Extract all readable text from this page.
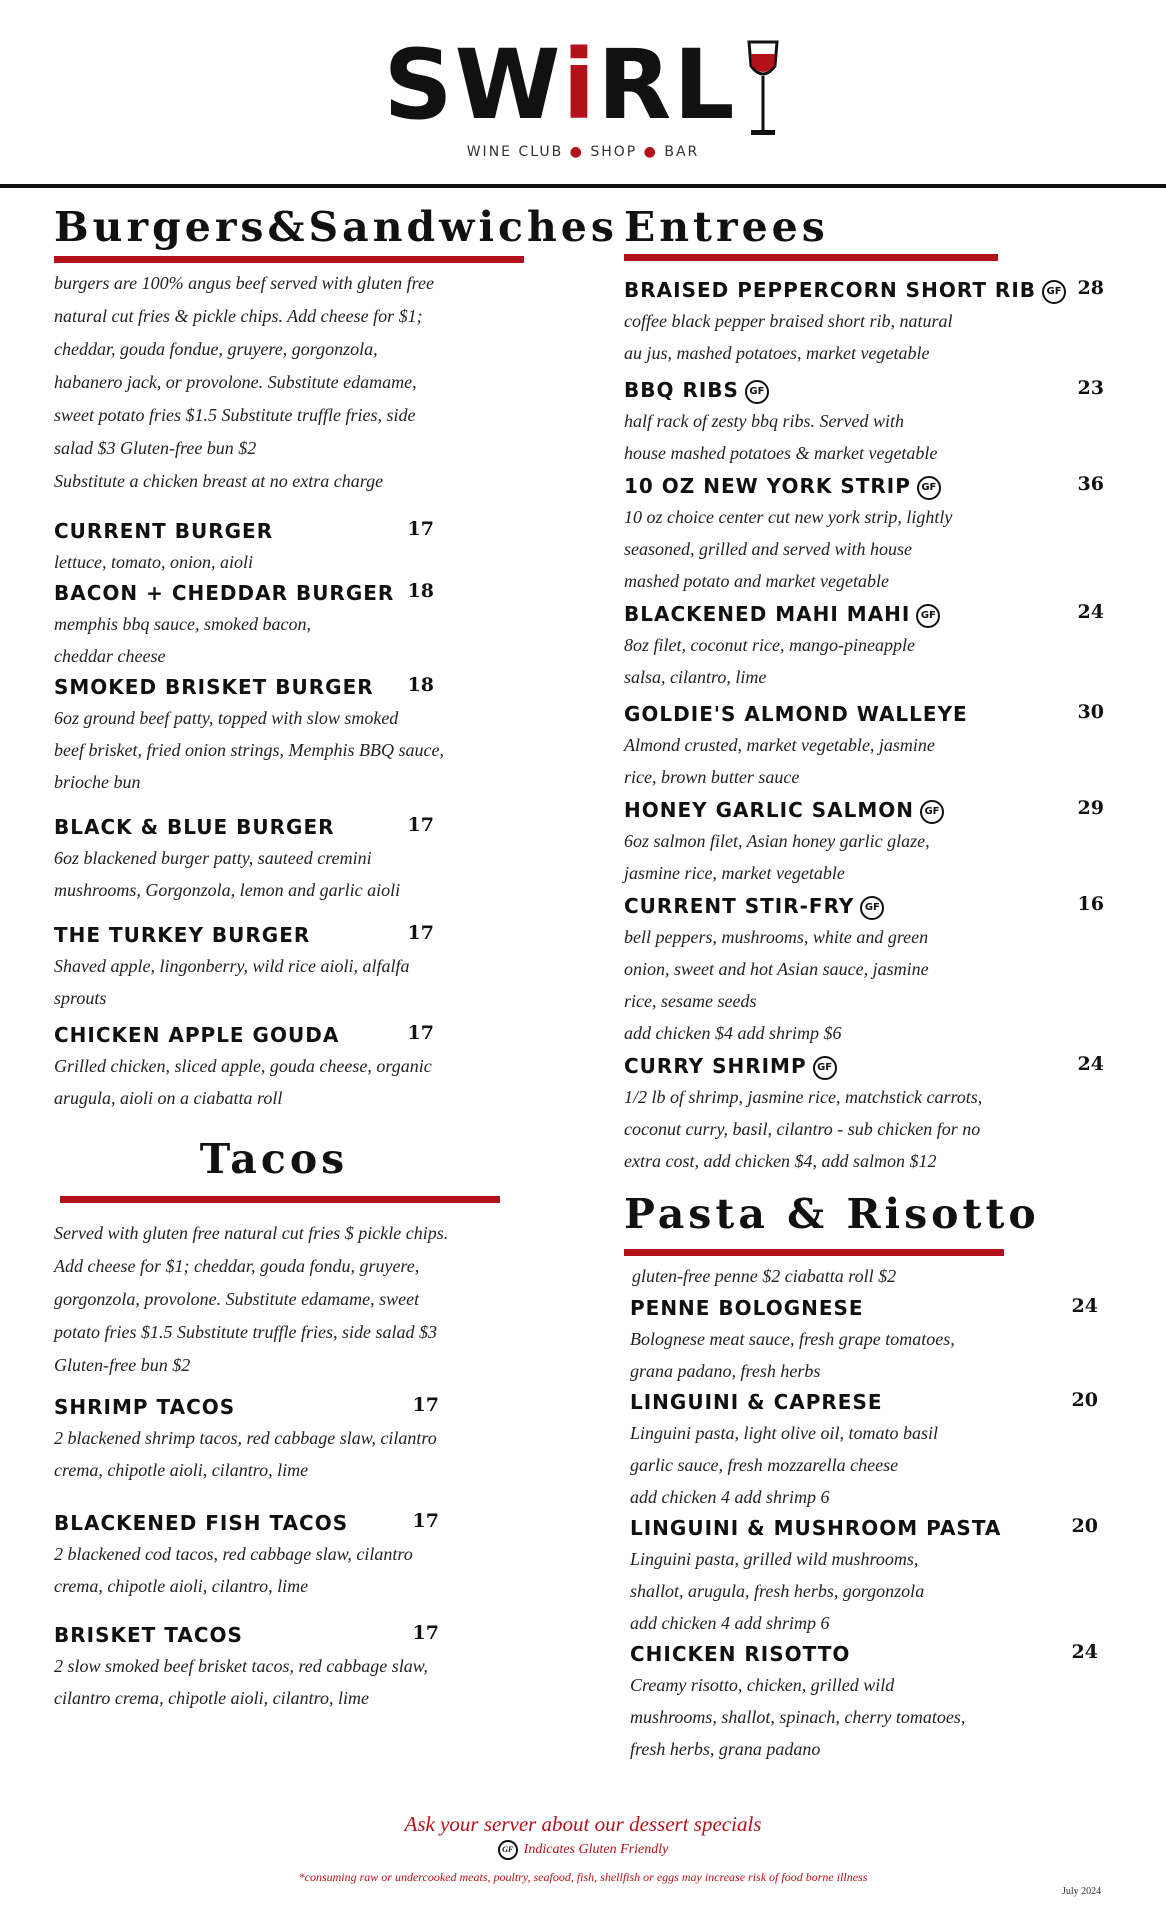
SW i RL
WINE CLUB ● SHOP ● BAR
Burgers&Sandwiches
burgers are 100% angus beef served with gluten free
natural cut fries & pickle chips. Add cheese for $1;
cheddar, gouda fondue, gruyere, gorgonzola,
habanero jack, or provolone. Substitute edamame,
sweet potato fries $1.5 Substitute truffle fries, side
salad $3 Gluten-free bun $2
Substitute a chicken breast at no extra charge
CURRENT BURGER	17
lettuce, tomato, onion, aioli
BACON + CHEDDAR BURGER 18
memphis bbq sauce, smoked bacon,
cheddar cheese
SMOKED BRISKET BURGER	18
6oz ground beef patty, topped with slow smoked
beef brisket, fried onion strings, Memphis BBQ sauce,
brioche bun
BLACK & BLUE BURGER	17
6oz blackened burger patty, sauteed cremini
mushrooms, Gorgonzola, lemon and garlic aioli
THE TURKEY BURGER	17
Shaved apple, lingonberry, wild rice aioli, alfalfa
sprouts
CHICKEN APPLE GOUDA	17
Grilled chicken, sliced apple, gouda cheese, organic
arugula, aioli on a ciabatta roll
Tacos
Served with gluten free natural cut fries $ pickle chips.
Add cheese for $1; cheddar, gouda fondu, gruyere,
gorgonzola, provolone. Substitute edamame, sweet
potato fries $1.5 Substitute truffle fries, side salad $3
Gluten-free bun $2
SHRIMP TACOS	17
2 blackened shrimp tacos, red cabbage slaw, cilantro
crema, chipotle aioli, cilantro, lime
BLACKENED FISH TACOS	17
2 blackened cod tacos, red cabbage slaw, cilantro
crema, chipotle aioli, cilantro, lime
BRISKET TACOS	17
2 slow smoked beef brisket tacos, red cabbage slaw,
cilantro crema, chipotle aioli, cilantro, lime
Entrees
BRAISED PEPPERCORN SHORT RIB GF 28
coffee black pepper braised short rib, natural
au jus, mashed potatoes, market vegetable
BBQ RIBS GF	23
half rack of zesty bbq ribs. Served with
house mashed potatoes & market vegetable
10 OZ NEW YORK STRIP GF	36
10 oz choice center cut new york strip, lightly
seasoned, grilled and served with house
mashed potato and market vegetable
BLACKENED MAHI MAHI GF	24
8oz filet, coconut rice, mango-pineapple
salsa, cilantro, lime
GOLDIE'S ALMOND WALLEYE	30
Almond crusted, market vegetable, jasmine
rice, brown butter sauce
HONEY GARLIC SALMON GF	29
6oz salmon filet, Asian honey garlic glaze,
jasmine rice, market vegetable
CURRENT STIR-FRY GF	16
bell peppers, mushrooms, white and green
onion, sweet and hot Asian sauce, jasmine
rice, sesame seeds
add chicken $4 add shrimp $6
CURRY SHRIMP GF	24
1/2 lb of shrimp, jasmine rice, matchstick carrots,
coconut curry, basil, cilantro - sub chicken for no
extra cost, add chicken $4, add salmon $12
Pasta & Risotto
gluten-free penne $2 ciabatta roll $2
PENNE BOLOGNESE	24
Bolognese meat sauce, fresh grape tomatoes,
grana padano, fresh herbs
LINGUINI & CAPRESE	20
Linguini pasta, light olive oil, tomato basil
garlic sauce, fresh mozzarella cheese
add chicken 4 add shrimp 6
LINGUINI & MUSHROOM PASTA	20
Linguini pasta, grilled wild mushrooms,
shallot, arugula, fresh herbs, gorgonzola
add chicken 4 add shrimp 6
CHICKEN RISOTTO	24
Creamy risotto, chicken, grilled wild
mushrooms, shallot, spinach, cherry tomatoes,
fresh herbs, grana padano
Ask your server about our dessert specials
GF Indicates Gluten Friendly
*consuming raw or undercooked meats, poultry, seafood, fish, shellfish or eggs may increase risk of food borne illness
July 2024
